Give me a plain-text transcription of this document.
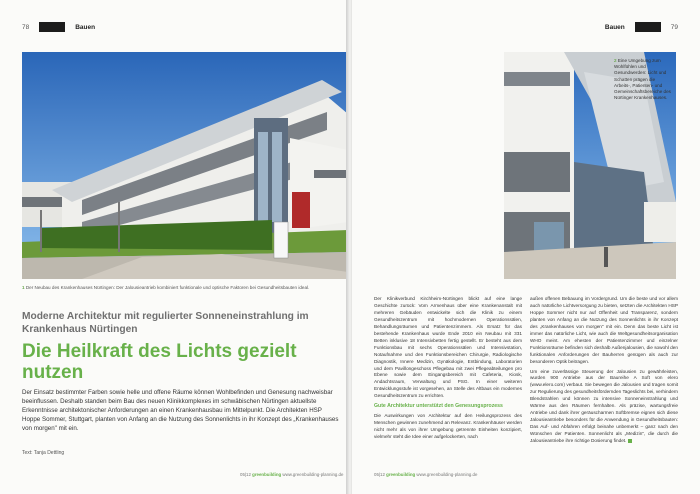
78	Bauen
1 Der Neubau des Krankenhauses Nürtingen: Der Jalousieantrieb kombiniert funktionale und optische Faktoren bei Gesundheitsbauten ideal.
Moderne Architektur mit regulierter Sonneneinstrahlung im Krankenhaus Nürtingen
Die Heilkraft des Lichts gezielt nutzen
Der Einsatz bestimmter Farben sowie helle und offene Räume können Wohlbefinden und Genesung nachweisbar beeinflussen. Deshalb standen beim Bau des neuen Klinikkomplexes im schwäbischen Nürtingen aktuellste Erkenntnisse architektonischer Anforderungen an einen Krankenhausbau im Mittelpunkt. Die Architekten HSP Hoppe Sommer, Stuttgart, planten von Anfang an die Nutzung des Sonnenlichts in ihr Konzept des „Krankenhauses von morgen" mit ein.
Text: Tanja Dettling
05|12 greenbuilding www.greenbuilding-planning.de
Bauen	79
2 Eine Umgebung zum Wohlfühlen und Gesundwerden: Licht und Schatten prägen die Arbeits-, Patienten- und Gemeinschaftsbereiche des Nürtinger Krankenhauses.

Der Klinikverbund Kirchheim-Nürtingen blickt auf eine lange Geschichte zurück: Vom Armenhaus über eine Krankenanstalt mit mehreren Gebäuden entwickelte sich die Klinik zu einem Gesundheitszentrum mit hochmodernen Operationssälen, Behandlungsräumen und Patientenzimmern. Als Ersatz für das bestehende Krankenhaus wurde Ende 2010 ein Neubau mit 331 Betten inklusive 18 Intensivbetten fertig gestellt. Er besteht aus dem Funktionsbau mit sechs Operationssälen und Intensivstation, Notaufnahme und den Funktionsbereichen Chirurgie, Radiologische Diagnostik, Innere Medizin, Gynäkologie, Entbindung, Laboratorien und dem Pavillongeschoss Pflegebau mit zwei Pflegeabteilungen pro Ebene sowie dem Eingangsbereich mit Cafeteria, Kiosk, Andachtsraum, Verwaltung und PSG. In einer weiteren Entwicklungsstufe ist vorgesehen, an Stelle des Altbaus ein modernes Gesundheitszentrum zu errichten.

Gute Architektur unterstützt den Genesungsprozess

Die Auswirkungen von Architektur auf den Heilungsprozess des Menschen gewinnen zunehmend an Relevanz. Krankenhäuser werden nicht mehr als von ihrer Umgebung getrennte Einheiten konzipiert, vielmehr steht die Idee einer aufgelockerten, nach

außen offenen Bebauung im Vordergrund. Um die beste und vor allem auch natürliche Lichtversorgung zu bieten, setzten die Architekten HSP Hoppe Sommer nicht nur auf Offenheit und Transparenz, sondern planten von Anfang an die Nutzung des Sonnenlichts in ihr Konzept des „Krankenhauses von morgen" mit ein. Denn das beste Licht ist immer das natürliche Licht, wie auch die Weltgesundheitsorganisation WHO meint. Am ehesten der Patientenzimmer und einzelner Funktionsräume befinden sich deshalb Außenjalousien, die sowohl den funktionalen Anforderungen der Bauherren genügen als auch zur besonderen Optik beitragen.

Um eine zuverlässige Steuerung der Jalousien zu gewährleisten, wurden 900 Antriebe aus der Baureihe A Soft von elero (www.elero.com) verbaut. Sie bewegen die Jalousien und tragen somit zur Regulierung des gesundheitsfördernden Tageslichts bei, verhindern Blendstrahlen und können zu intensive Sonneneinstrahlung und Wärme aus den Räumen fernhalten. Als präzise, wartungsfreie Antriebe und dank ihrer geräuscharmen Softbremse eignen sich diese Jalousieantriebe besonders für die Anwendung in Gesundheitsbauten: Das Auf- und Abfahren erfolgt beinahe unbemerkt – ganz nach den Wünschen der Patienten. Sonnenlicht als „Medizin", die durch die Jalousieantriebe ihre richtige Dosierung findet.

05|12 greenbuilding www.greenbuilding-planning.de
